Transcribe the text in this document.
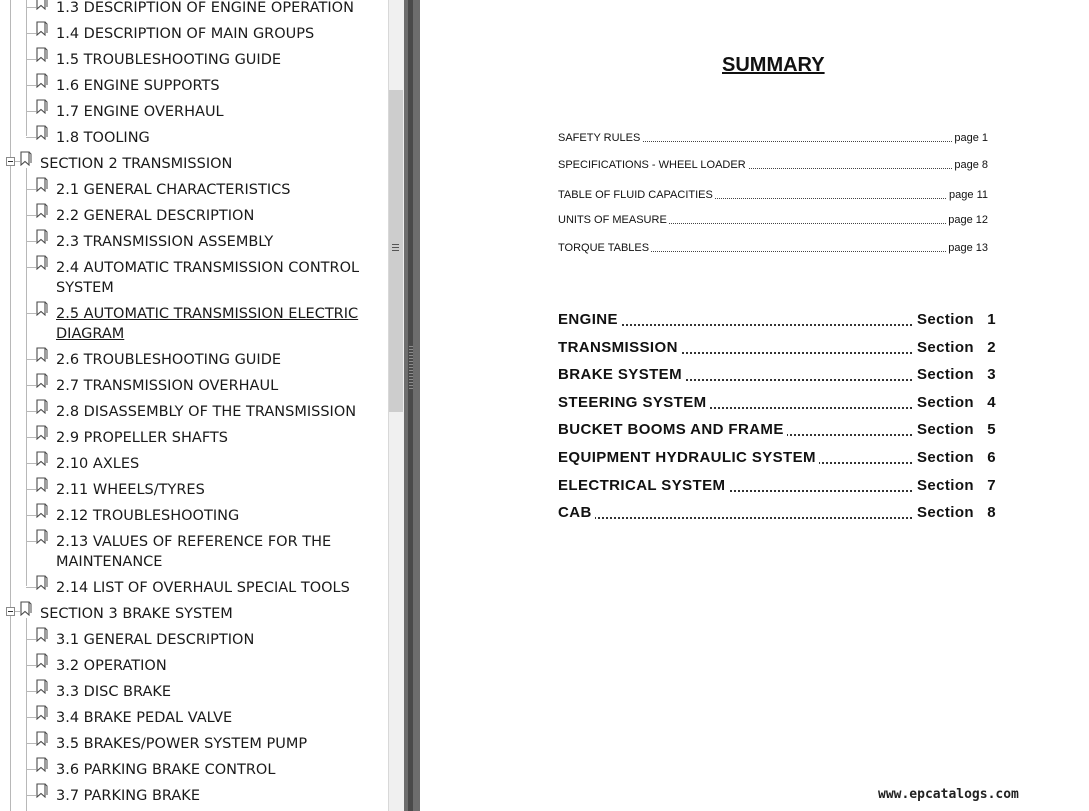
1.3 DESCRIPTION OF ENGINE OPERATION
1.4 DESCRIPTION OF MAIN GROUPS
1.5 TROUBLESHOOTING GUIDE
1.6 ENGINE SUPPORTS
1.7 ENGINE OVERHAUL
1.8 TOOLING
SECTION 2 TRANSMISSION
2.1 GENERAL CHARACTERISTICS
2.2 GENERAL DESCRIPTION
2.3 TRANSMISSION ASSEMBLY
2.4 AUTOMATIC TRANSMISSION CONTROL
SYSTEM
2.5 AUTOMATIC TRANSMISSION ELECTRIC
DIAGRAM
2.6 TROUBLESHOOTING GUIDE
2.7 TRANSMISSION OVERHAUL
2.8 DISASSEMBLY OF THE TRANSMISSION
2.9 PROPELLER SHAFTS
2.10 AXLES
2.11 WHEELS/TYRES
2.12 TROUBLESHOOTING
2.13 VALUES OF REFERENCE FOR THE
MAINTENANCE
2.14 LIST OF OVERHAUL SPECIAL TOOLS
SECTION 3 BRAKE SYSTEM
3.1 GENERAL DESCRIPTION
3.2 OPERATION
3.3 DISC BRAKE
3.4 BRAKE PEDAL VALVE
3.5 BRAKES/POWER SYSTEM PUMP
3.6 PARKING BRAKE CONTROL
3.7 PARKING BRAKE
SUMMARY
SAFETY RULES	page 1
SPECIFICATIONS - WHEEL LOADER	page 8
TABLE OF FLUID CAPACITIES	page 11
UNITS OF MEASURE	page 12
TORQUE TABLES	page 13
ENGINE	Section 1
TRANSMISSION	Section 2
BRAKE SYSTEM	Section 3
STEERING SYSTEM	Section 4
BUCKET BOOMS AND FRAME	Section 5
EQUIPMENT HYDRAULIC SYSTEM	Section 6
ELECTRICAL SYSTEM	Section 7
CAB	Section 8
www.epcatalogs.com
